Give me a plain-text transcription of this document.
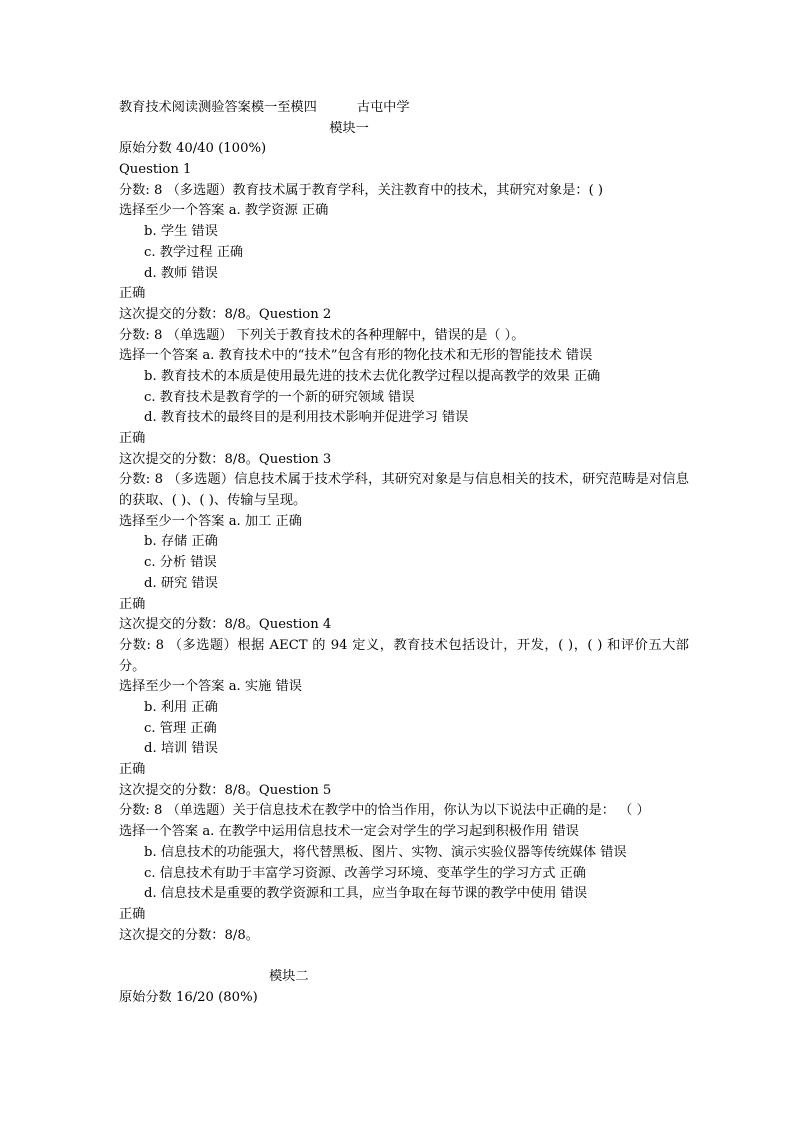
教育技术阅读测验答案模一至模四	古屯中学
模块一
原始分数 40/40 (100%)
Question 1
分数: 8 （多选题）教育技术属于教育学科，关注教育中的技术，其研究对象是：( )
选择至少一个答案 a. 教学资源 正确
b. 学生 错误
c. 教学过程 正确
d. 教师 错误
正确
这次提交的分数：8/8。Question 2
分数: 8 （单选题） 下列关于教育技术的各种理解中，错误的是（ ）。
选择一个答案 a. 教育技术中的“技术”包含有形的物化技术和无形的智能技术 错误
b. 教育技术的本质是使用最先进的技术去优化教学过程以提高教学的效果 正确
c. 教育技术是教育学的一个新的研究领域 错误
d. 教育技术的最终目的是利用技术影响并促进学习 错误
正确
这次提交的分数：8/8。Question 3
分数: 8 （多选题）信息技术属于技术学科，其研究对象是与信息相关的技术，研究范畴是对信息的获取、( )、( )、传输与呈现。
选择至少一个答案 a. 加工 正确
b. 存储 正确
c. 分析 错误
d. 研究 错误
正确
这次提交的分数：8/8。Question 4
分数: 8 （多选题）根据 AECT 的 94 定义，教育技术包括设计，开发，( )，( ) 和评价五大部分。
选择至少一个答案 a. 实施 错误
b. 利用 正确
c. 管理 正确
d. 培训 错误
正确
这次提交的分数：8/8。Question 5
分数: 8 （单选题）关于信息技术在教学中的恰当作用，你认为以下说法中正确的是： （ ）
选择一个答案 a. 在教学中运用信息技术一定会对学生的学习起到积极作用 错误
b. 信息技术的功能强大，将代替黑板、图片、实物、演示实验仪器等传统媒体 错误
c. 信息技术有助于丰富学习资源、改善学习环境、变革学生的学习方式 正确
d. 信息技术是重要的教学资源和工具，应当争取在每节课的教学中使用 错误
正确
这次提交的分数：8/8。
模块二
原始分数 16/20 (80%)
